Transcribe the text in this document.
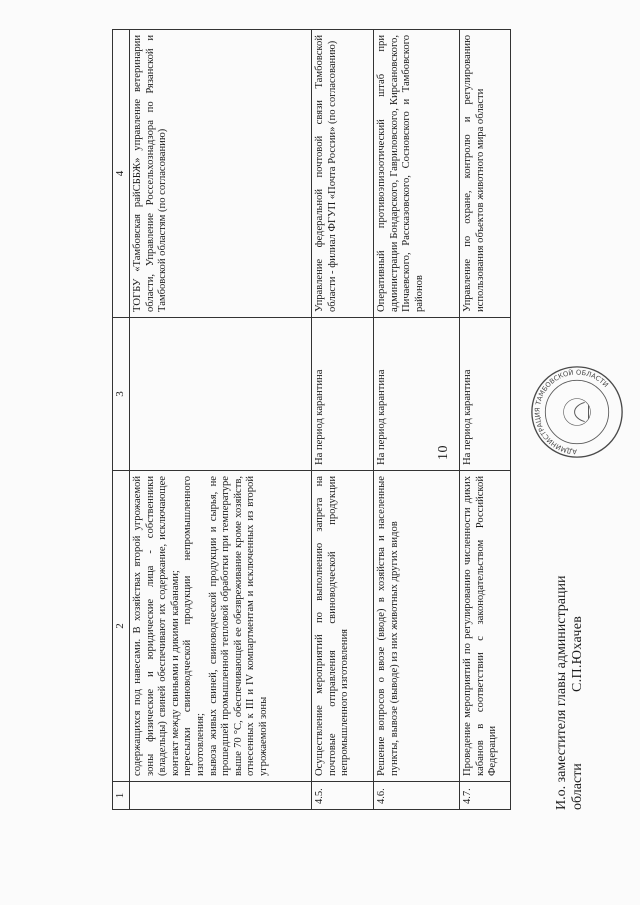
10
1	2	3	4

	содержащихся под навесами. В хозяйствах второй угрожаемой зоны физические и юридические лица - собственники (владельцы) свиней обеспечивают их содержание, исключающее контакт между свиньями и дикими кабанами; пересылки свиноводческой продукции непромышленного изготовления; вывоза живых свиней, свиноводческой продукции и сырья, не прошедшей промышленной тепловой обработки при температуре выше 70 °С, обеспечивающей ее обезвреживание кроме хозяйств, отнесенных к III и IV компартментам и исключенных из второй угрожаемой зоны		ТОГБУ «Тамбовская райСББЖ» управление ветеринарии области, Управление Россельхознадзора по Рязанской и Тамбовской областям (по согласованию)
4.5.	Осуществление мероприятий по выполнению запрета на почтовые отправления свиноводческой продукции непромышленного изготовления	На период карантина	Управление федеральной почтовой связи Тамбовской области - филиал ФГУП «Почта России» (по согласованию)
4.6.	Решение вопросов о ввозе (вводе) в хозяйства и населенные пункты, вывозе (выводе) из них животных других видов	На период карантина	Оперативный противоэпизоотический штаб при администрации Бондарского, Гавриловского, Кирсановского, Пичаевского, Рассказовского, Сосновского и Тамбовского районов
4.7.	Проведение мероприятий по регулированию численности диких кабанов в соответствии с законодательством Российской Федерации	На период карантина	Управление по охране, контролю и регулированию использования объектов животного мира области
И.о. заместителя главы администрации области
С.П.Юхачев
АДМИНИСТРАЦИЯ ТАМБОВСКОЙ ОБЛАСТИ
